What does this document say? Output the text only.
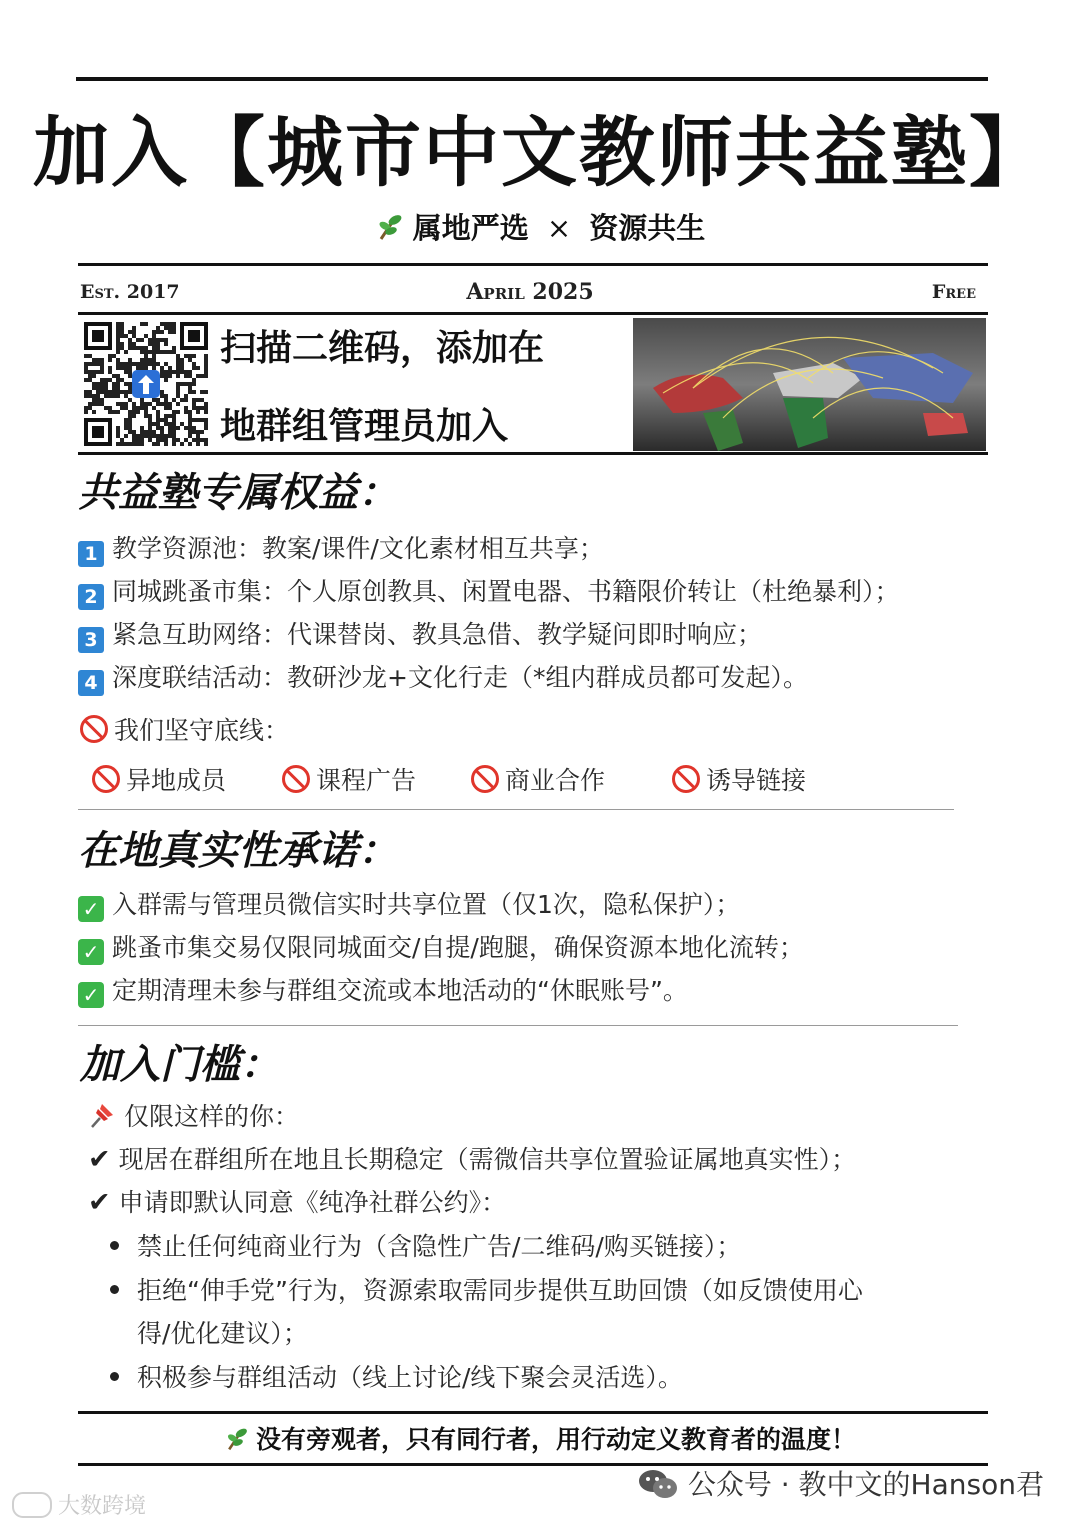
加入【城市中文教师共益塾】
属地严选 × 资源共生
Est. 2017	April 2025	Free
扫描二维码，添加在
地群组管理员加入
共益塾专属权益：
1 教学资源池：教案/课件/文化素材相互共享；
2 同城跳蚤市集：个人原创教具、闲置电器、书籍限价转让（杜绝暴利）；
3 紧急互助网络：代课替岗、教具急借、教学疑问即时响应；
4 深度联结活动：教研沙龙+文化行走（*组内群成员都可发起）。
我们坚守底线：
异地成员	课程广告	商业合作	诱导链接
在地真实性承诺：
✓ 入群需与管理员微信实时共享位置（仅1次，隐私保护）；
✓ 跳蚤市集交易仅限同城面交/自提/跑腿，确保资源本地化流转；
✓ 定期清理未参与群组交流或本地活动的“休眠账号”。
加入门槛：
仅限这样的你：
✔ 现居在群组所在地且长期稳定（需微信共享位置验证属地真实性）；
✔ 申请即默认同意《纯净社群公约》：
禁止任何纯商业行为（含隐性广告/二维码/购买链接）；
拒绝“伸手党”行为，资源索取需同步提供互助回馈（如反馈使用心
得/优化建议）；
积极参与群组活动（线上讨论/线下聚会灵活选）。
没有旁观者，只有同行者，用行动定义教育者的温度！
公众号 · 教中文的Hanson君
大数跨境
